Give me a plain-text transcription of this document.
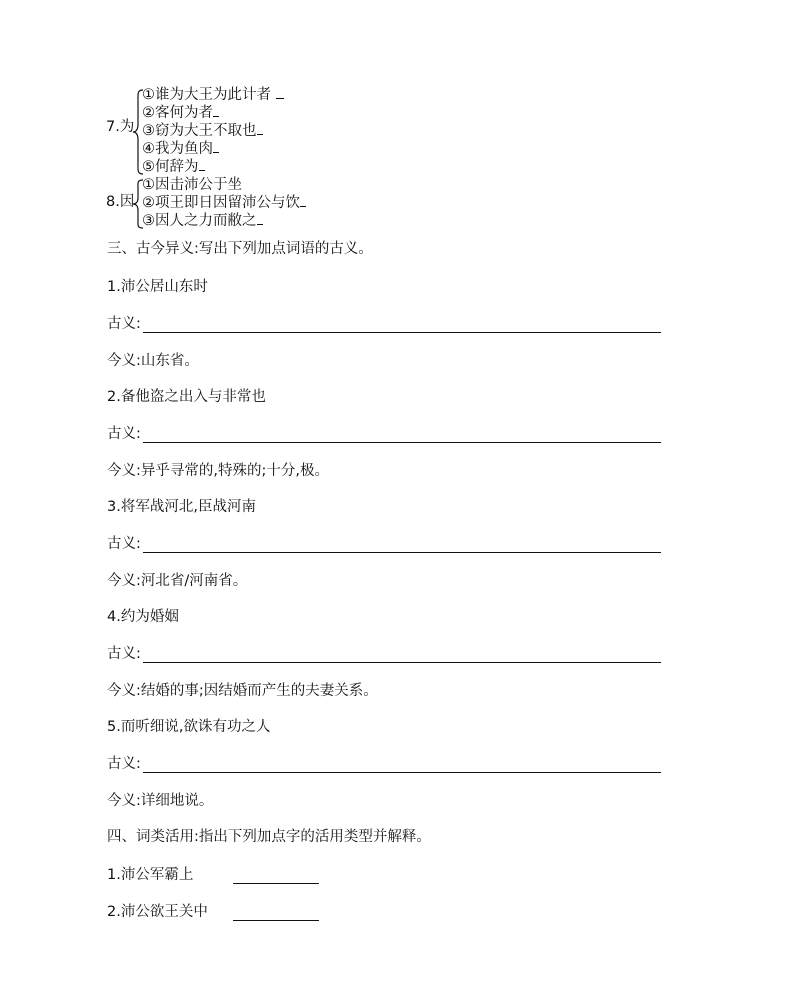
7.为
①谁为大王为此计者
②客何为者
③窃为大王不取也
④我为鱼肉
⑤何辞为
8.因
①因击沛公于坐
②项王即日因留沛公与饮
③因人之力而敝之
三、古今异义:写出下列加点词语的古义。
1.沛公居山东时
古义:
今义:山东省。
2.备他盗之出入与非常也
古义:
今义:异乎寻常的,特殊的;十分,极。
3.将军战河北,臣战河南
古义:
今义:河北省/河南省。
4.约为婚姻
古义:
今义:结婚的事;因结婚而产生的夫妻关系。
5.而听细说,欲诛有功之人
古义:
今义:详细地说。
四、词类活用:指出下列加点字的活用类型并解释。
1.沛公军霸上
2.沛公欲王关中
